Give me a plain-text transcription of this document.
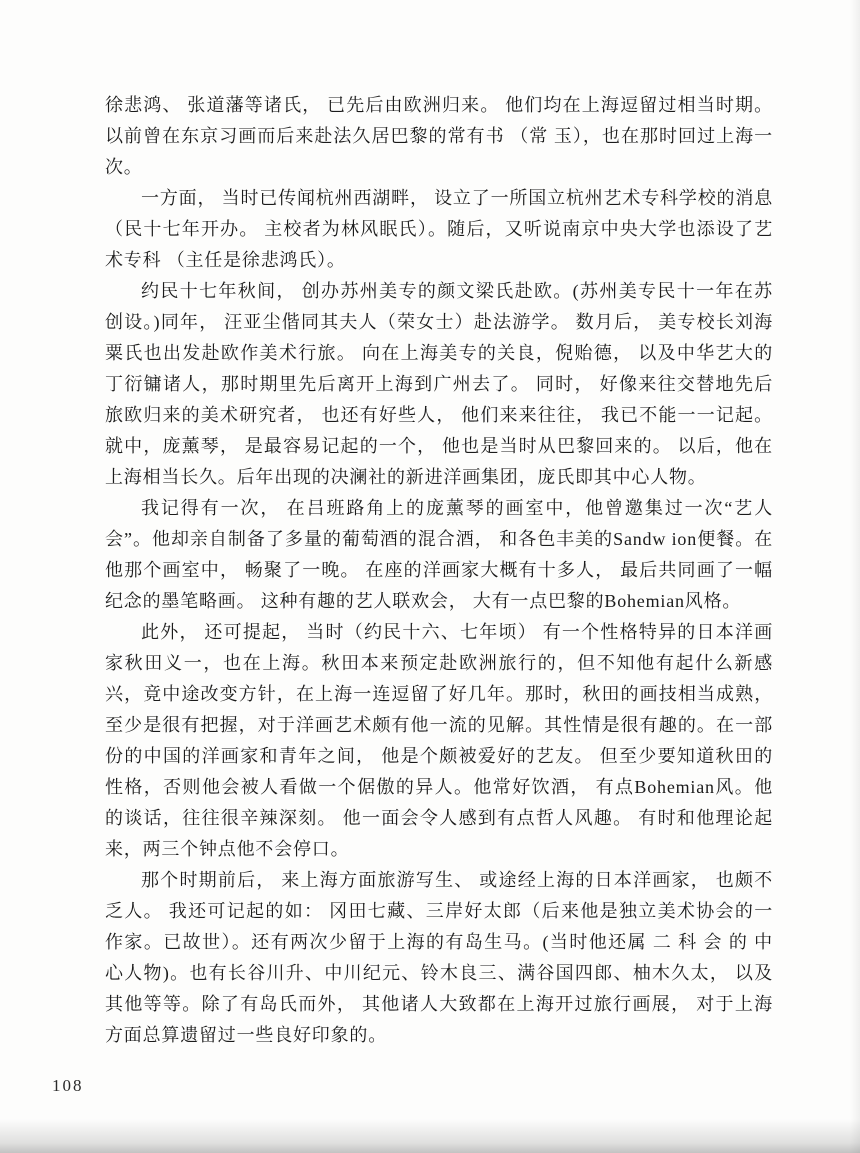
徐悲鸿、 张道藩等诸氏， 已先后由欧洲归来。 他们均在上海逗留过相当时期。 以前曾在东京习画而后来赴法久居巴黎的常有书 （常 玉），也在那时回过上海一次。

一方面， 当时已传闻杭州西湖畔， 设立了一所国立杭州艺术专科学校的消息（民十七年开办。 主校者为林风眠氏）。随后，又听说南京中央大学也添设了艺术专科 （主任是徐悲鸿氏）。

约民十七年秋间， 创办苏州美专的颜文梁氏赴欧。(苏州美专民十一年在苏创设。)同年， 汪亚尘偕同其夫人（荣女士）赴法游学。 数月后， 美专校长刘海粟氏也出发赴欧作美术行旅。 向在上海美专的关良，倪贻德， 以及中华艺大的丁衍镛诸人，那时期里先后离开上海到广州去了。 同时， 好像来往交替地先后旅欧归来的美术研究者， 也还有好些人， 他们来来往往， 我已不能一一记起。 就中，庞薰琴， 是最容易记起的一个， 他也是当时从巴黎回来的。 以后，他在上海相当长久。后年出现的决澜社的新进洋画集团，庞氏即其中心人物。

我记得有一次， 在吕班路角上的庞薰琴的画室中，他曾邀集过一次“艺人会”。他却亲自制备了多量的葡萄酒的混合酒， 和各色丰美的Sandw ion便餐。在他那个画室中， 畅聚了一晚。 在座的洋画家大概有十多人， 最后共同画了一幅纪念的墨笔略画。 这种有趣的艺人联欢会， 大有一点巴黎的Bohemian风格。

此外， 还可提起， 当时（约民十六、七年顷） 有一个性格特异的日本洋画家秋田义一，也在上海。秋田本来预定赴欧洲旅行的，但不知他有起什么新感兴，竟中途改变方针，在上海一连逗留了好几年。那时，秋田的画技相当成熟，至少是很有把握，对于洋画艺术颇有他一流的见解。其性情是很有趣的。在一部份的中国的洋画家和青年之间， 他是个颇被爱好的艺友。 但至少要知道秋田的性格，否则他会被人看做一个倨傲的异人。他常好饮酒， 有点Bohemian风。他的谈话，往往很辛辣深刻。 他一面会令人感到有点哲人风趣。 有时和他理论起来，两三个钟点他不会停口。

那个时期前后， 来上海方面旅游写生、 或途经上海的日本洋画家， 也颇不乏人。 我还可记起的如： 冈田七藏、三岸好太郎（后来他是独立美术协会的一作家。已故世）。还有两次少留于上海的有岛生马。(当时他还属 二 科 会 的 中 心人物)。也有长谷川升、中川纪元、铃木良三、满谷国四郎、柚木久太， 以及其他等等。除了有岛氏而外， 其他诸人大致都在上海开过旅行画展， 对于上海方面总算遗留过一些良好印象的。

108
